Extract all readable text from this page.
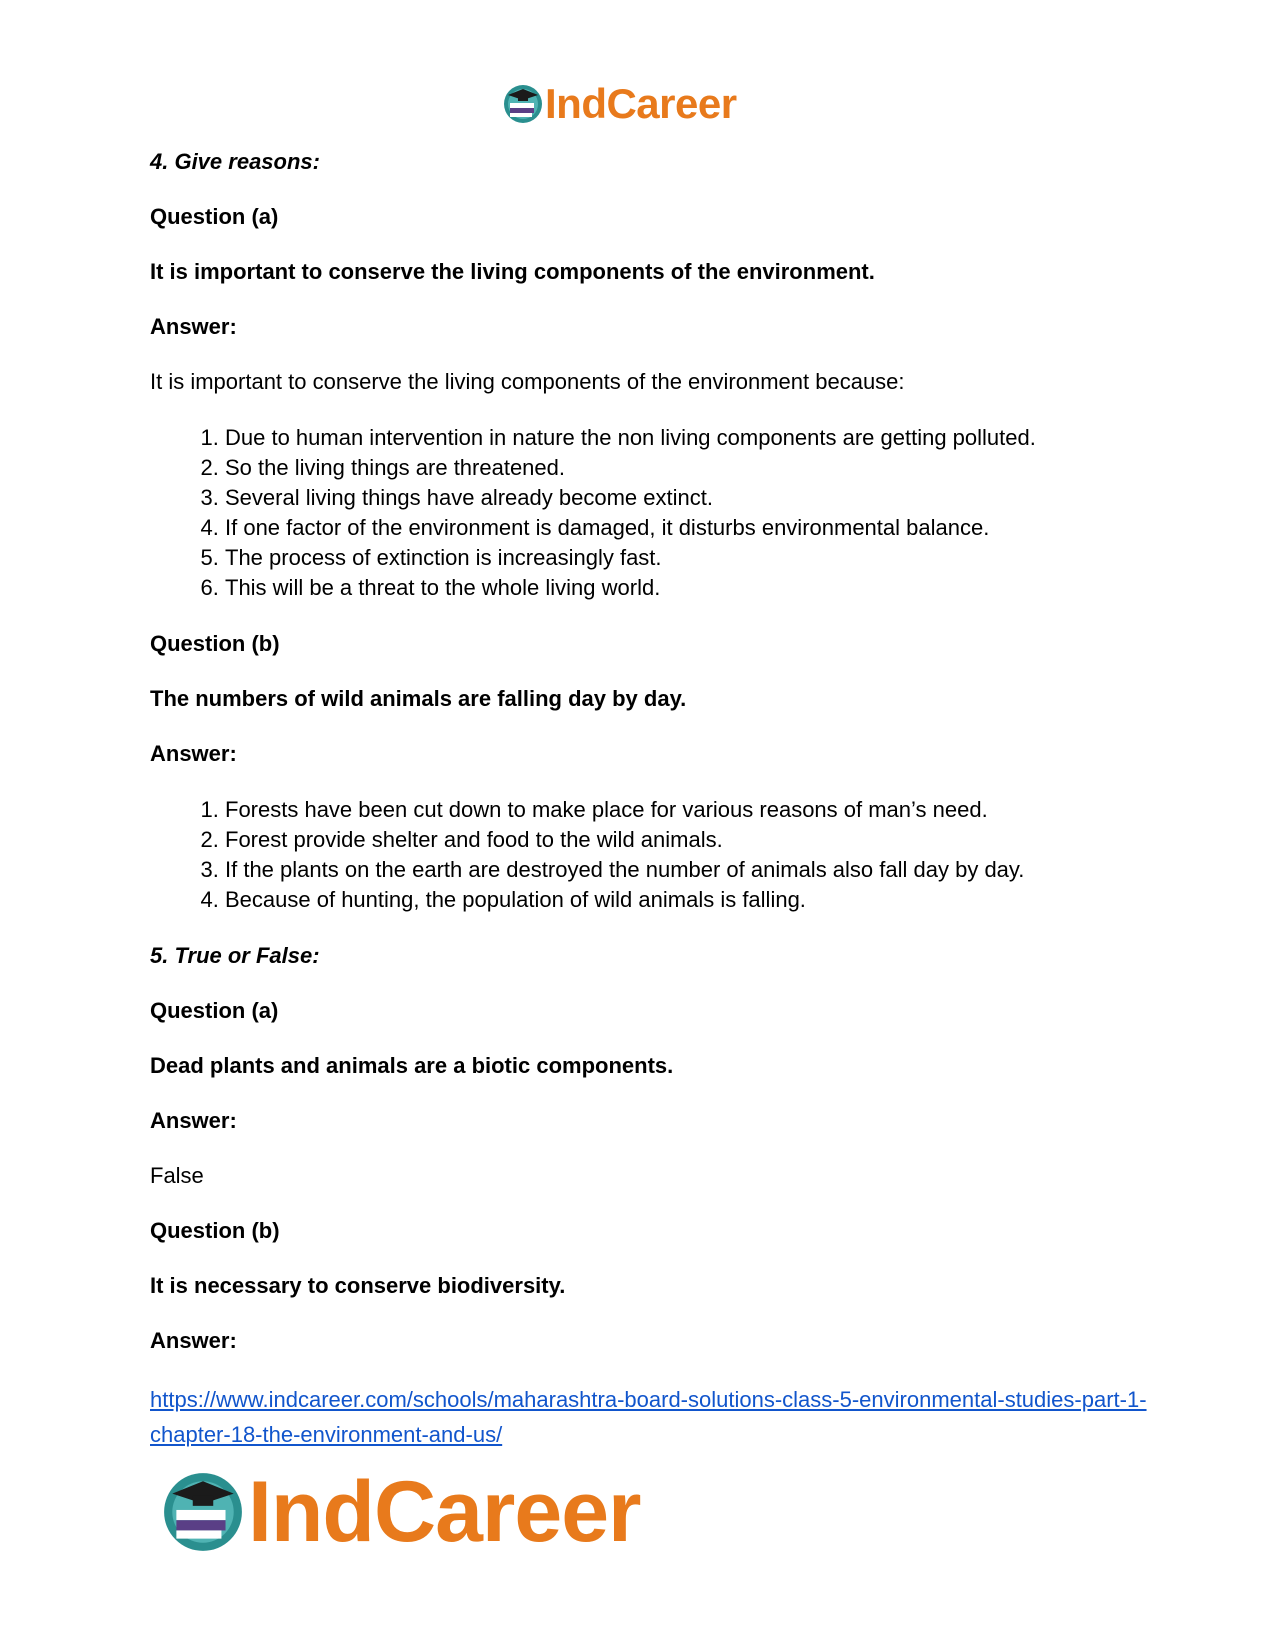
IndCareer

4. Give reasons:

Question (a)

It is important to conserve the living components of the environment.

Answer:

It is important to conserve the living components of the environment because:

1. Due to human intervention in nature the non living components are getting polluted.
2. So the living things are threatened.
3. Several living things have already become extinct.
4. If one factor of the environment is damaged, it disturbs environmental balance.
5. The process of extinction is increasingly fast.
6. This will be a threat to the whole living world.

Question (b)

The numbers of wild animals are falling day by day.

Answer:

1. Forests have been cut down to make place for various reasons of man’s need.
2. Forest provide shelter and food to the wild animals.
3. If the plants on the earth are destroyed the number of animals also fall day by day.
4. Because of hunting, the population of wild animals is falling.

5. True or False:

Question (a)

Dead plants and animals are a biotic components.

Answer:

False

Question (b)

It is necessary to conserve biodiversity.

Answer:

https://www.indcareer.com/schools/maharashtra-board-solutions-class-5-environmental-studies-part-1-chapter-18-the-environment-and-us/

IndCareer
